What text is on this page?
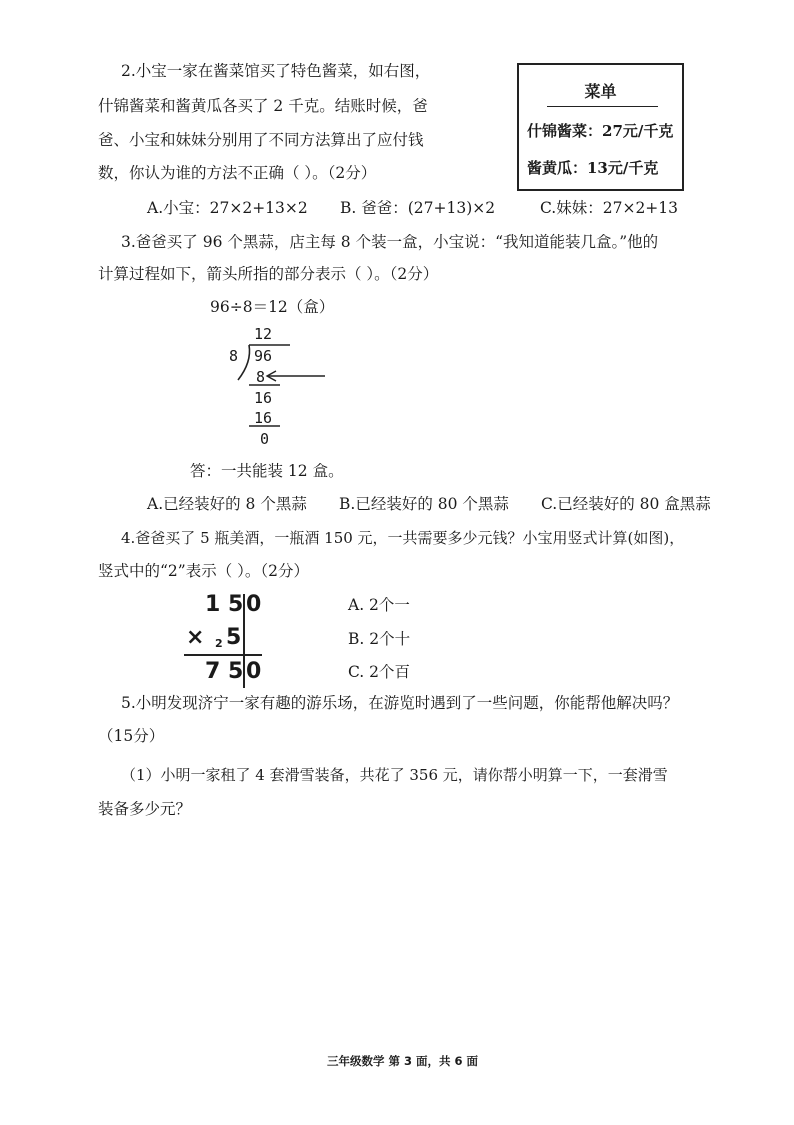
2.小宝一家在酱菜馆买了特色酱菜，如右图，
什锦酱菜和酱黄瓜各买了 2 千克。结账时候，爸
爸、小宝和妹妹分别用了不同方法算出了应付钱
数，你认为谁的方法不正确（ ）。（2分）
A.小宝：27×2+13×2 B. 爸爸：(27+13)×2	C.妹妹：27×2+13
菜单
什锦酱菜：27元/千克
酱黄瓜：13元/千克
3.爸爸买了 96 个黑蒜，店主每 8 个装一盒，小宝说：“我知道能装几盒。”他的
计算过程如下，箭头所指的部分表示（ ）。（2分）
96÷8＝12（盒）
12
8 96
8
16
16
0
答：一共能装 12 盒。
A.已经装好的 8 个黑蒜 B.已经装好的 80 个黑蒜 C.已经装好的 80 盒黑蒜
4.爸爸买了 5 瓶美酒，一瓶酒 150 元，一共需要多少元钱？小宝用竖式计算(如图)，
竖式中的“2”表示（ ）。（2分）
1 5 0
× 2 5
7 5 0
A. 2个一
B. 2个十
C. 2个百
5.小明发现济宁一家有趣的游乐场，在游览时遇到了一些问题，你能帮他解决吗？
（15分）
（1）小明一家租了 4 套滑雪装备，共花了 356 元，请你帮小明算一下，一套滑雪
装备多少元？
三年级数学 第 3 面，共 6 面
